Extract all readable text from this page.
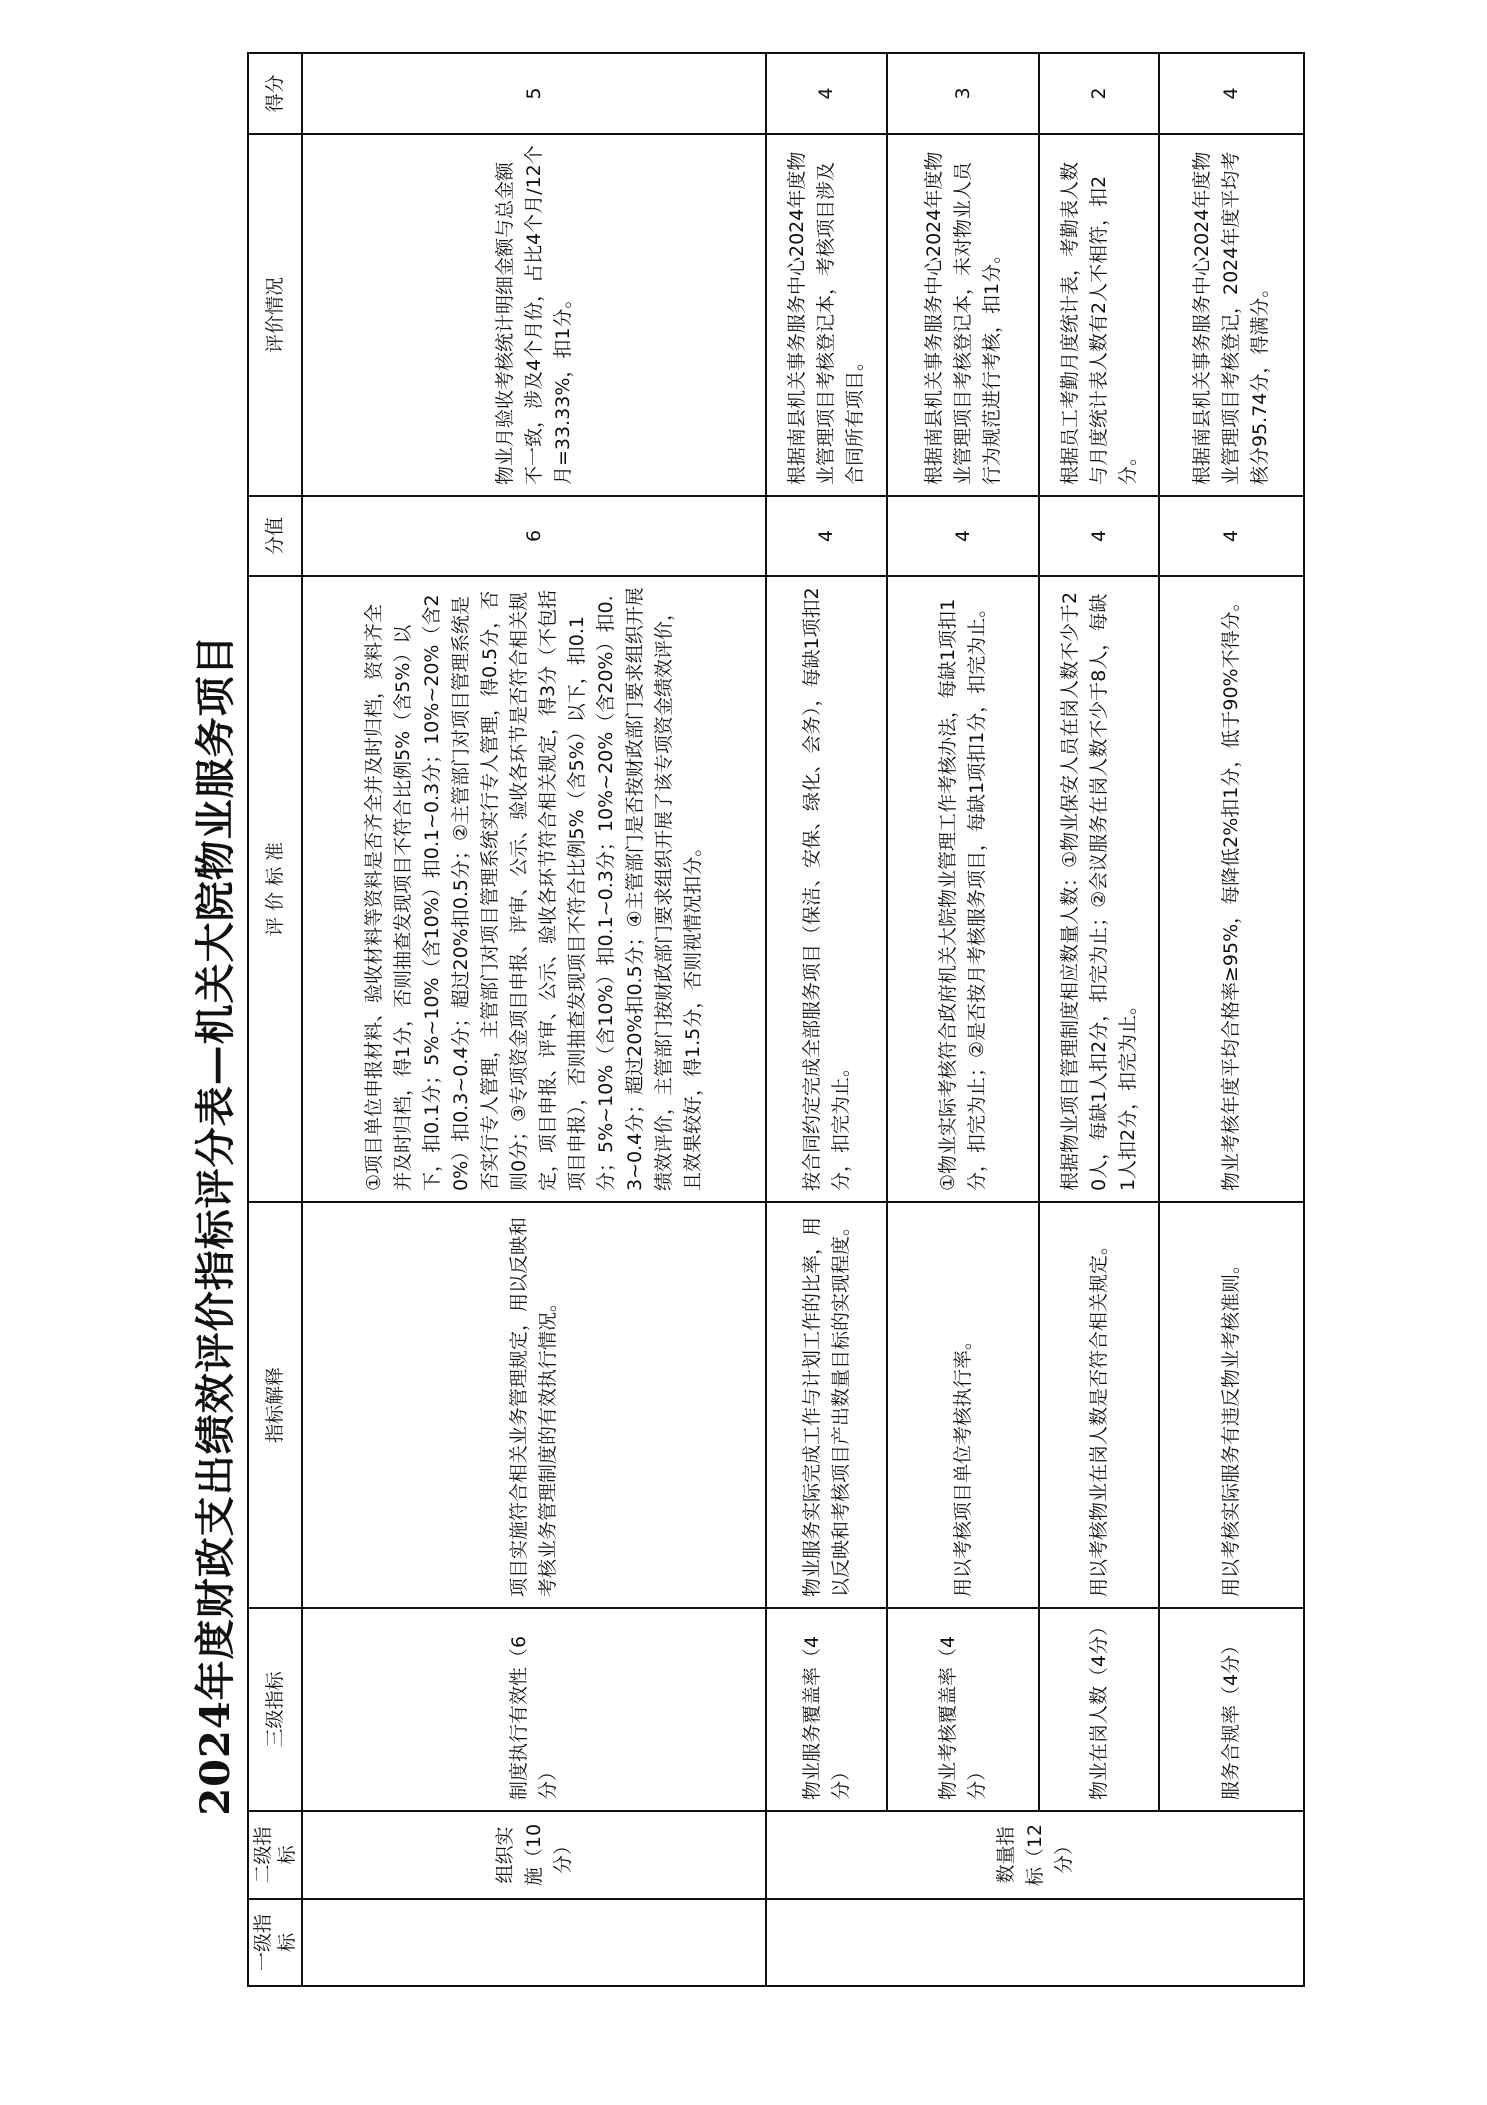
2024年度财政支出绩效评价指标评分表—机关大院物业服务项目
一级指标	二级指标	三级指标	指标解释	评 价 标 准	分值	评价情况	得分
	组织实施（10分）	制度执行有效性（6分）	项目实施符合相关业务管理规定，用以反映和考核业务管理制度的有效执行情况。	①项目单位申报材料、验收材料等资料是否齐全并及时归档，资料齐全并及时归档，得1分，否则抽查发现项目不符合比例5%（含5%）以下，扣0.1分；5%~10%（含10%）扣0.1~0.3分；10%~20%（含20%）扣0.3~0.4分；超过20%扣0.5分；②主管部门对项目管理系统是否实行专人管理，主管部门对项目管理系统实行专人管理，得0.5分，否则0分；③专项资金项目申报、评审、公示、验收各环节是否符合相关规定，项目申报、评审、公示、验收各环节符合相关规定，得3分（不包括项目申报），否则抽查发现项目不符合比例5%（含5%）以下，扣0.1分；5%~10%（含10%）扣0.1~0.3分；10%~20%（含20%）扣0.3~0.4分；超过20%扣0.5分；④主管部门是否按财政部门要求组织开展绩效评价，主管部门按财政部门要求组织开展了该专项资金绩效评价，且效果较好，得1.5分，否则视情况扣分。	6	物业月验收考核统计明细金额与总金额不一致，涉及4个月份，占比4个月/12个月=33.33%，扣1分。	5
	数量指标（12分）	物业服务覆盖率（4分）	物业服务实际完成工作与计划工作的比率，用以反映和考核项目产出数量目标的实现程度。	按合同约定完成全部服务项目（保洁、安保、绿化、会务），每缺1项扣2分，扣完为止。	4	根据南县机关事务服务中心2024年度物业管理项目考核登记本，考核项目涉及合同所有项目。	4
		物业考核覆盖率（4分）	用以考核项目单位考核执行率。	①物业实际考核符合政府机关大院物业管理工作考核办法，每缺1项扣1分，扣完为止；②是否按月考核服务项目，每缺1项扣1分，扣完为止。	4	根据南县机关事务服务中心2024年度物业管理项目考核登记本，未对物业人员行为规范进行考核，扣1分。	3
		物业在岗人数（4分）	用以考核物业在岗人数是否符合相关规定。	根据物业项目管理制度相应数量人数：①物业保安人员在岗人数不少于20人，每缺1人扣2分，扣完为止；②会议服务在岗人数不少于8人，每缺1人扣2分，扣完为止。	4	根据员工考勤月度统计表，考勤表人数与月度统计表人数有2人不相符，扣2分。	2
		服务合规率（4分）	用以考核实际服务有违反物业考核准则。	物业考核年度平均合格率≥95%，每降低2%扣1分，低于90%不得分。	4	根据南县机关事务服务中心2024年度物业管理项目考核登记，2024年度平均考核分95.74分，得满分。	4
